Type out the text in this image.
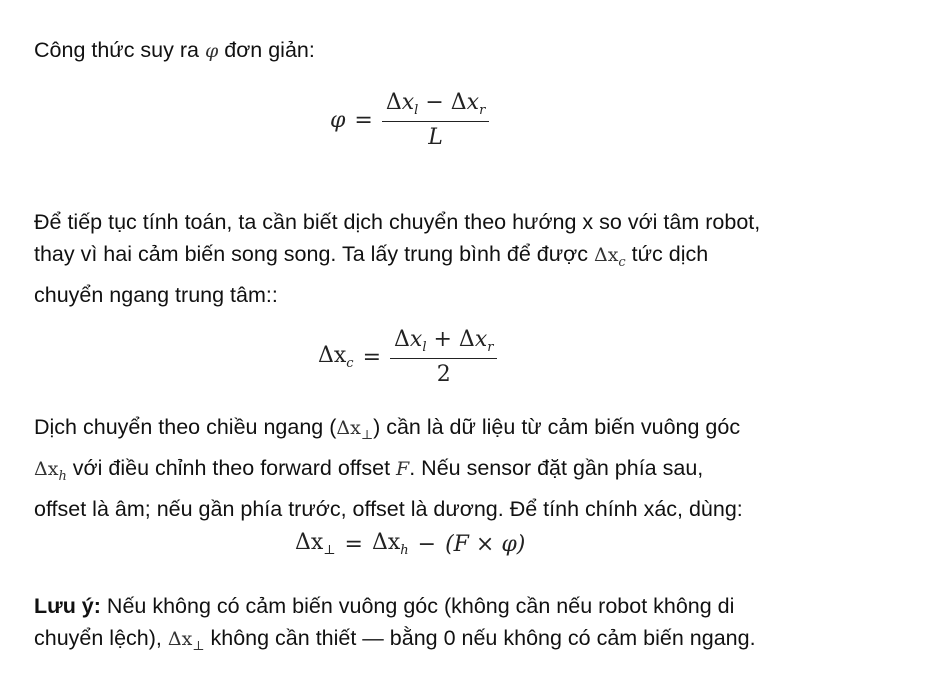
Công thức suy ra φ đơn giản:

$\varphi = \frac{\Delta x_l - \Delta x_r}{L}$

Để tiếp tục tính toán, ta cần biết dịch chuyển theo hướng x so với tâm robot,
thay vì hai cảm biến song song. Ta lấy trung bình để được $\Delta x_c$ tức dịch
chuyển ngang trung tâm::

$\Delta x_c = \frac{\Delta x_l + \Delta x_r}{2}$

Dịch chuyển theo chiều ngang $(\Delta x_\perp)$ cần là dữ liệu từ cảm biến vuông góc
$\Delta x_h$ với điều chỉnh theo forward offset F. Nếu sensor đặt gần phía sau,
offset là âm; nếu gần phía trước, offset là dương. Để tính chính xác, dùng:

$\Delta x_\perp = \Delta x_h - (F \times \varphi)$

Lưu ý: Nếu không có cảm biến vuông góc (không cần nếu robot không di
chuyển lệch), $\Delta x_\perp$ không cần thiết — bằng 0 nếu không có cảm biến ngang.
